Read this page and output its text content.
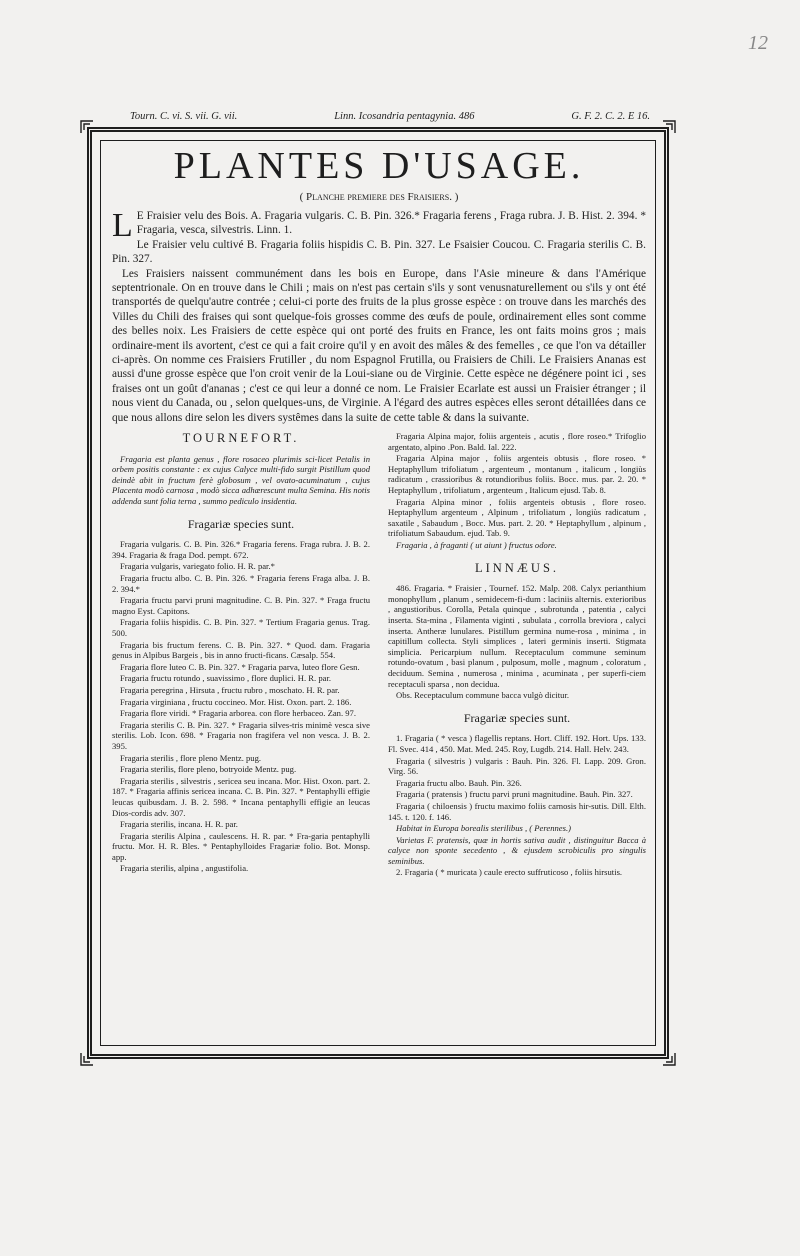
12
Tourn. C. vi. S. vii. G. vii.	Linn. Icosandria pentagynia. 486	G. F. 2. C. 2. E 16.
PLANTES D'USAGE.
( Planche premiere des Fraisiers. )
L E Fraisier velu des Bois. A. Fragaria vulgaris. C. B. Pin. 326.* Fragaria ferens , Fraga rubra. J. B. Hist. 2. 394. * Fragaria, vesca, silvestris. Linn. 1.

Le Fraisier velu cultivé B. Fragaria foliis hispidis C. B. Pin. 327. Le Fsaisier Coucou. C. Fragaria sterilis C. B. Pin. 327.

Les Fraisiers naissent communément dans les bois en Europe, dans l'Asie mineure & dans l'Amérique septentrionale. On en trouve dans le Chili ; mais on n'est pas certain s'ils y sont venusnaturellement ou s'ils y ont été transportés de quelqu'autre contrée ; celui-ci porte des fruits de la plus grosse espèce : on trouve dans les marchés des Villes du Chili des fraises qui sont quelque-fois grosses comme des œufs de poule, ordinairement elles sont comme des belles noix. Les Fraisiers de cette espèce qui ont porté des fruits en France, les ont faits moins gros ; mais ordinaire-ment ils avortent, c'est ce qui a fait croire qu'il y en avoit des mâles & des femelles , ce que l'on va détailler ci-après. On nomme ces Fraisiers Frutiller , du nom Espagnol Frutilla, ou Fraisiers de Chili. Le Fraisiers Ananas est aussi d'une grosse espèce que l'on croit venir de la Loui-siane ou de Virginie. Cette espèce ne dégénere point ici , ses fraises ont un goût d'ananas ; c'est ce qui leur a donné ce nom. Le Fraisier Ecarlate est aussi un Fraisier étranger ; il nous vient du Canada, ou , selon quelques-uns, de Virginie. A l'égard des autres espèces elles seront détaillées dans ce que nous allons dire selon les divers systêmes dans la suite de cette table & dans la suivante.

TOURNEFORT.

Fragaria est planta genus , flore rosaceo plurimis sci-licet Petalis in orbem positis constante : ex cujus Calyce multi-fido surgit Pistillum quod deindè abit in fructum ferè globosum , vel ovato-acuminatum , cujus Placenta modò carnosa , modò sicca adhærescunt multa Semina. His notis addenda sunt folia terna , summo pediculo insidentia.

Fragariæ species sunt.

Fragaria vulgaris. C. B. Pin. 326.* Fragaria ferens. Fraga rubra. J. B. 2. 394. Fragaria & fraga Dod. pempt. 672.

Fragaria vulgaris, variegato folio. H. R. par.*

Fragaria fructu albo. C. B. Pin. 326. * Fragaria ferens Fraga alba. J. B. 2. 394.*

Fragaria fructu parvi pruni magnitudine. C. B. Pin. 327. * Fraga fructu magno Eyst. Capitons.

Fragaria foliis hispidis. C. B. Pin. 327. * Tertium Fragaria genus. Trag. 500.

Fragaria bis fructum ferens. C. B. Pin. 327. * Quod. dam. Fragaria genus in Alpibus Bargeis , bis in anno fructi-ficans. Cæsalp. 554.

Fragaria flore luteo C. B. Pin. 327. * Fragaria parva, luteo flore Gesn.

Fragaria fructu rotundo , suavissimo , flore duplici. H. R. par.

Fragaria peregrina , Hirsuta , fructu rubro , moschato. H. R. par.

Fragaria virginiana , fructu coccineo. Mor. Hist. Oxon. part. 2. 186.

Fragaria flore viridi. * Fragaria arborea. con flore herbaceo. Zan. 97.

Fragaria sterilis C. B. Pin. 327. * Fragaria silves-tris minimè vesca sive sterilis. Lob. Icon. 698. * Fragaria non fragifera vel non vesca. J. B. 2. 395.

Fragaria sterilis , flore pleno Mentz. pug.

Fragaria sterilis, flore pleno, botryoide Mentz. pug.

Fragaria sterilis , silvestris , sericea seu incana. Mor. Hist. Oxon. part. 2. 187. * Fragaria affinis sericea incana. C. B. Pin. 327. * Pentaphylli effigie leucas quibusdam. J. B. 2. 598. * Incana pentaphylli effigie an leucas Dios-cordis adv. 307.

Fragaria sterilis, incana. H. R. par.

Fragaria sterilis Alpina , caulescens. H. R. par. * Fra-garia pentaphylli fructu. Mor. H. R. Bles. * Pentaphylloides Fragariæ folio. Bot. Monsp. app.

Fragaria sterilis, alpina , angustifolia.

Fragaria Alpina major, foliis argenteis , acutis , flore roseo.* Trifoglio argentato, alpino .Pon. Bald. Ial. 222.

Fragaria Alpina major , foliis argenteis obtusis , flore roseo. * Heptaphyllum trifoliatum , argenteum , montanum , italicum , longiùs radicatum , crassioribus & rotundioribus foliis. Bocc. mus. par. 2. 20. * Heptaphyllum , trifoliatum , argenteum , Italicum ejusd. Tab. 8.

Fragaria Alpina minor , foliis argenteis obtusis , flore roseo. Heptaphyllum argenteum , Alpinum , trifoliatum , longiùs radicatum , saxatile , Sabaudum , Bocc. Mus. part. 2. 20. * Heptaphyllum , alpinum , trifoliatum Sabaudum. ejud. Tab. 9.

Fragaria , à fraganti ( ut aiunt ) fructus odore.

LINNÆUS.

486. Fragaria. * Fraisier , Tournef. 152. Malp. 208. Calyx perianthium monophyllum , planum , semidecem-fi-dum : laciniis alternis. exterioribus , angustioribus. Corolla, Petala quinque , subrotunda , patentia , calyci inserta. Sta-mina , Filamenta viginti , subulata , corrolla breviora , calyci inserta. Antheræ lunulares. Pistillum germina nume-rosa , minima , in capitillum collecta. Styli simplices , lateri germinis inserti. Stigmata simplicia. Pericarpium nullum. Receptaculum commune seminum rotundo-ovatum , basi planum , pulposum, molle , magnum , coloratum , deciduum. Semina , numerosa , minima , acuminata , per superfi-ciem receptaculi sparsa , non decidua.

Obs. Receptaculum commune bacca vulgò dicitur.

Fragariæ species sunt.

1. Fragaria ( * vesca ) flagellis reptans. Hort. Cliff. 192. Hort. Ups. 133. Fl. Svec. 414 , 450. Mat. Med. 245. Roy, Lugdb. 214. Hall. Helv. 243.

Fragaria ( silvestris ) vulgaris : Bauh. Pin. 326. Fl. Lapp. 209. Gron. Virg. 56.

Fragaria fructu albo. Bauh. Pin. 326.

Fragaria ( pratensis ) fructu parvi pruni magnitudine. Bauh. Pin. 327.

Fragaria ( chiloensis ) fructu maximo foliis carnosis hir-sutis. Dill. Elth. 145. t. 120. f. 146.

Habitat in Europa borealis sterilibus , ( Perennes.)

Varietas F. pratensis, quæ in hortis sativa audit , distinguitur Bacca à calyce non sponte secedento , & ejusdem scrobiculis pro singulis seminibus.

2. Fragaria ( * muricata ) caule erecto suffruticoso , foliis hirsutis.
